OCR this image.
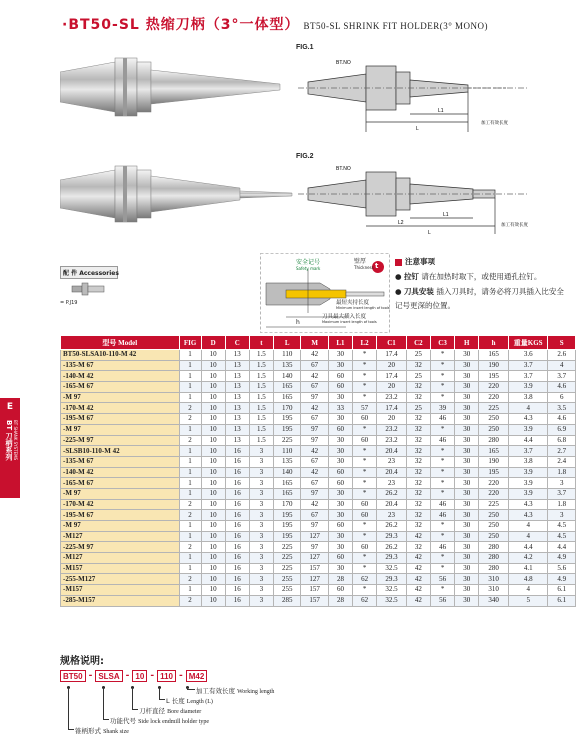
·BT50-SL 热缩刀柄（3°一体型） BT50-SL SHRINK FIT HOLDER(3° MONO)
FIG.1
BT.NO
L1
L
加工有效长度
FIG.2
BT.NO
L2
L1
L
加工有效长度
配 件 Accessories
= P.J19
安全记号
Safety mark
壁厚
Thickness t
最短夹持长度
Minimum insert length of tools
刀具最大插入长度
Maximum insert length of tools
h
注意事项

● 拉钉 请在加热时取下，或使用通孔拉钉。

● 刀具安装 插入刀具时，请务必将刀具插入比安全记号更深的位置。

E
BT 刀柄系列 BT SHANK SYSTEMS
型号 Model	FIG	D	C	t	L	M	L1	L2	C1	C2	C3	H	h	重量KGS	S
BT50-SLSA10-110-M 42	1	10	13	1.5	110	42	30	*	17.4	25	*	30	165	3.6	2.6
-135-M 67	1	10	13	1.5	135	67	30	*	20	32	*	30	190	3.7	4
-140-M 42	1	10	13	1.5	140	42	60	*	17.4	25	*	30	195	3.7	3.7
-165-M 67	1	10	13	1.5	165	67	60	*	20	32	*	30	220	3.9	4.6
-M 97	1	10	13	1.5	165	97	30	*	23.2	32	*	30	220	3.8	6
-170-M 42	2	10	13	1.5	170	42	33	57	17.4	25	39	30	225	4	3.5
-195-M 67	2	10	13	1.5	195	67	30	60	20	32	46	30	250	4.3	4.6
-M 97	1	10	13	1.5	195	97	60	*	23.2	32	*	30	250	3.9	6.9
-225-M 97	2	10	13	1.5	225	97	30	60	23.2	32	46	30	280	4.4	6.8
-SLSB10-110-M 42	1	10	16	3	110	42	30	*	20.4	32	*	30	165	3.7	2.7
-135-M 67	1	10	16	3	135	67	30	*	23	32	*	30	190	3.8	2.4
-140-M 42	1	10	16	3	140	42	60	*	20.4	32	*	30	195	3.9	1.8
-165-M 67	1	10	16	3	165	67	60	*	23	32	*	30	220	3.9	3
-M 97	1	10	16	3	165	97	30	*	26.2	32	*	30	220	3.9	3.7
-170-M 42	2	10	16	3	170	42	30	60	20.4	32	46	30	225	4.3	1.8
-195-M 67	2	10	16	3	195	67	30	60	23	32	46	30	250	4.3	3
-M 97	1	10	16	3	195	97	60	*	26.2	32	*	30	250	4	4.5
-M127	1	10	16	3	195	127	30	*	29.3	42	*	30	250	4	4.5
-225-M 97	2	10	16	3	225	97	30	60	26.2	32	46	30	280	4.4	4.4
-M127	1	10	16	3	225	127	60	*	29.3	42	*	30	280	4.2	4.9
-M157	1	10	16	3	225	157	30	*	32.5	42	*	30	280	4.1	5.6
-255-M127	2	10	16	3	255	127	28	62	29.3	42	56	30	310	4.8	4.9
-M157	1	10	16	3	255	157	60	*	32.5	42	*	30	310	4	6.1
-285-M157	2	10	16	3	285	157	28	62	32.5	42	56	30	340	5	6.1
规格说明:
BT50 - SLSA - 10 - 110 - M42
加工有效长度 Working length
L 长度 Length (L)
刀杆直径 Bore diameter
功能代号 Side lock endmill holder type
锥柄形式 Shank size
